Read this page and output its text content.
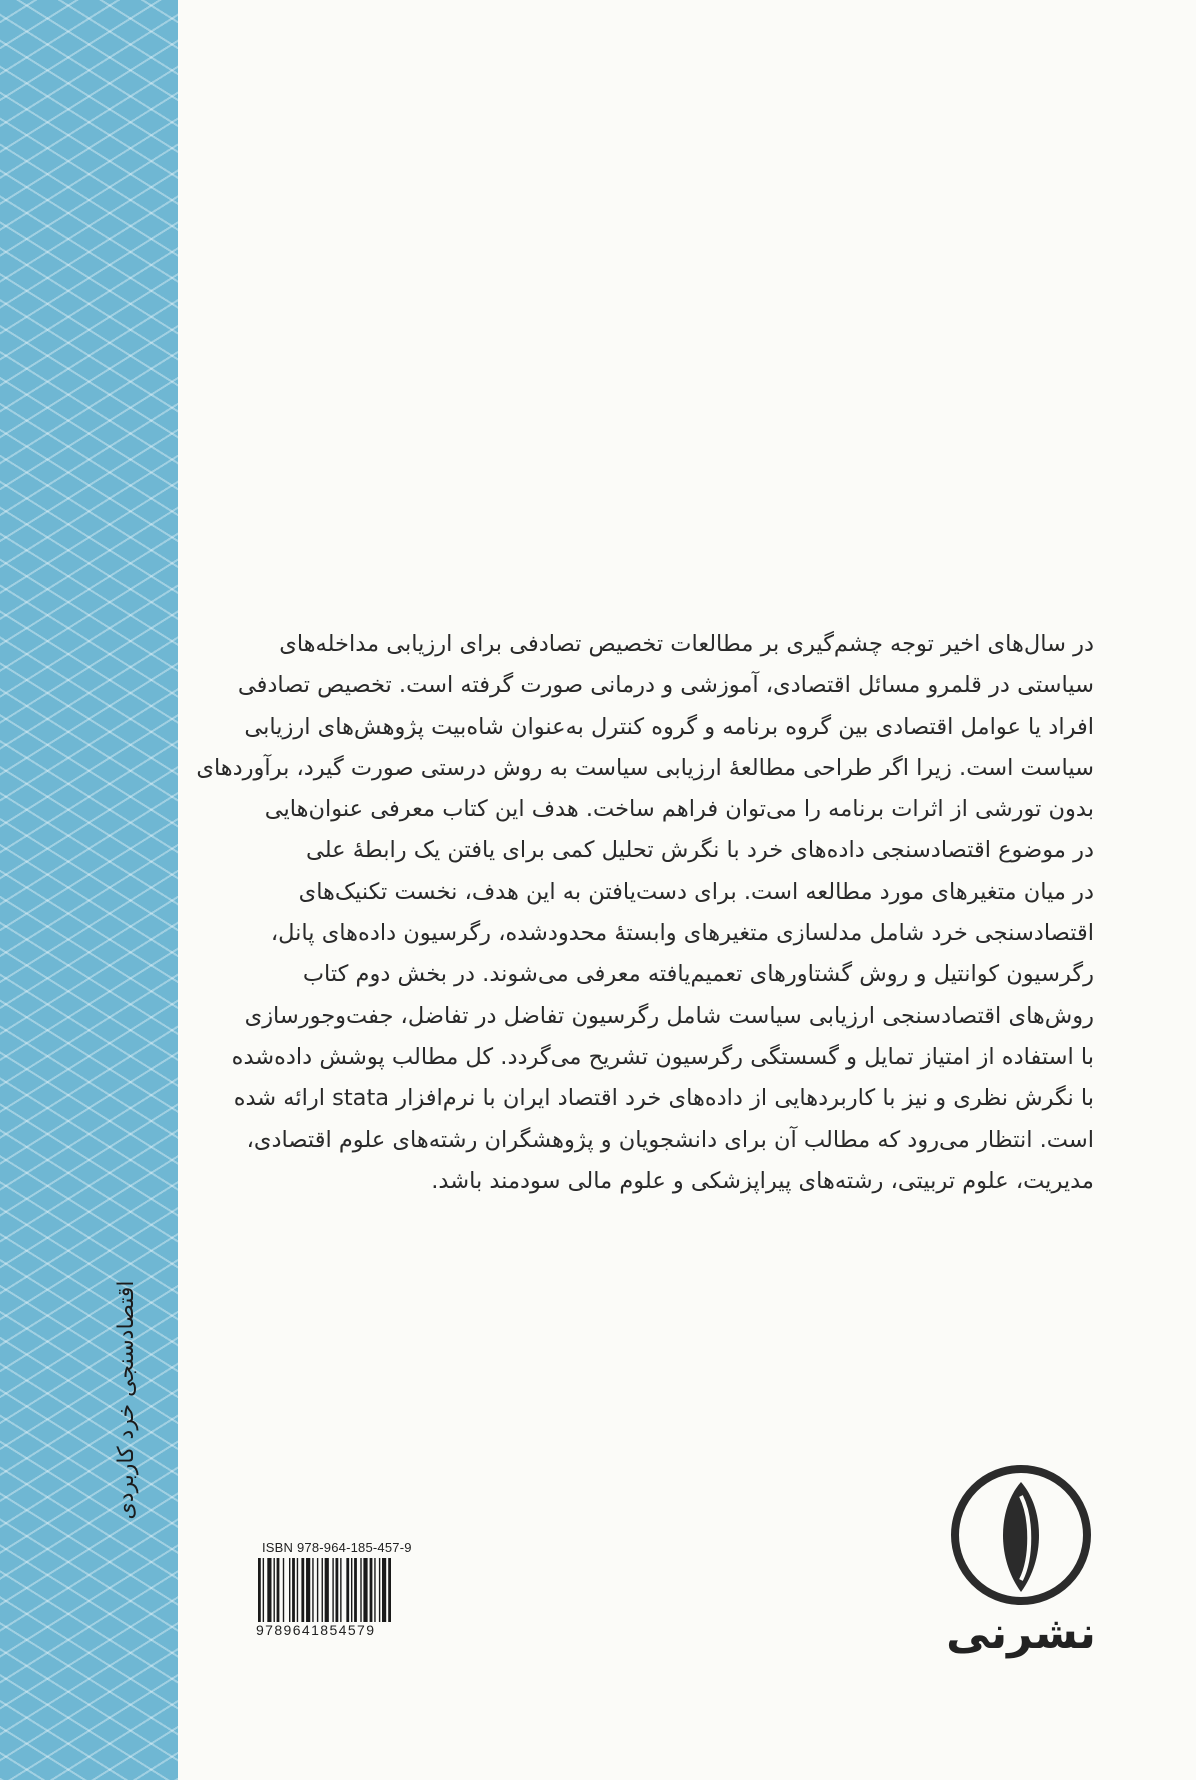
اقتصادسنجی خرد کاربردی
در سال‌های اخیر توجه چشم‌گیری بر مطالعات تخصیص تصادفی برای ارزیابی مداخله‌های
سیاستی در قلمرو مسائل اقتصادی، آموزشی و درمانی صورت گرفته است. تخصیص تصادفی
افراد یا عوامل اقتصادی بین گروه برنامه و گروه کنترل به‌عنوان شاه‌بیت پژوهش‌های ارزیابی
سیاست است. زیرا اگر طراحی مطالعهٔ ارزیابی سیاست به روش درستی صورت گیرد، برآوردهای
بدون تورشی از اثرات برنامه را می‌توان فراهم ساخت. هدف این کتاب معرفی عنوان‌هایی
در موضوع اقتصادسنجی داده‌های خرد با نگرش تحلیل کمی برای یافتن یک رابطهٔ علی
در میان متغیرهای مورد مطالعه است. برای دست‌یافتن به این هدف، نخست تکنیک‌های
اقتصادسنجی خرد شامل مدلسازی متغیرهای وابستهٔ محدودشده، رگرسیون داده‌های پانل،
رگرسیون کوانتیل و روش گشتاورهای تعمیم‌یافته معرفی می‌شوند. در بخش دوم کتاب
روش‌های اقتصادسنجی ارزیابی سیاست شامل رگرسیون تفاضل در تفاضل، جفت‌وجورسازی
با استفاده از امتیاز تمایل و گسستگی رگرسیون تشریح می‌گردد. کل مطالب پوشش داده‌شده
با نگرش نظری و نیز با کاربردهایی از داده‌های خرد اقتصاد ایران با نرم‌افزار stata ارائه شده
است. انتظار می‌رود که مطالب آن برای دانشجویان و پژوهشگران رشته‌های علوم اقتصادی،
مدیریت، علوم تربیتی، رشته‌های پیراپزشکی و علوم مالی سودمند باشد.
ISBN 978-964-185-457-9
9789641854579	نشرنی
